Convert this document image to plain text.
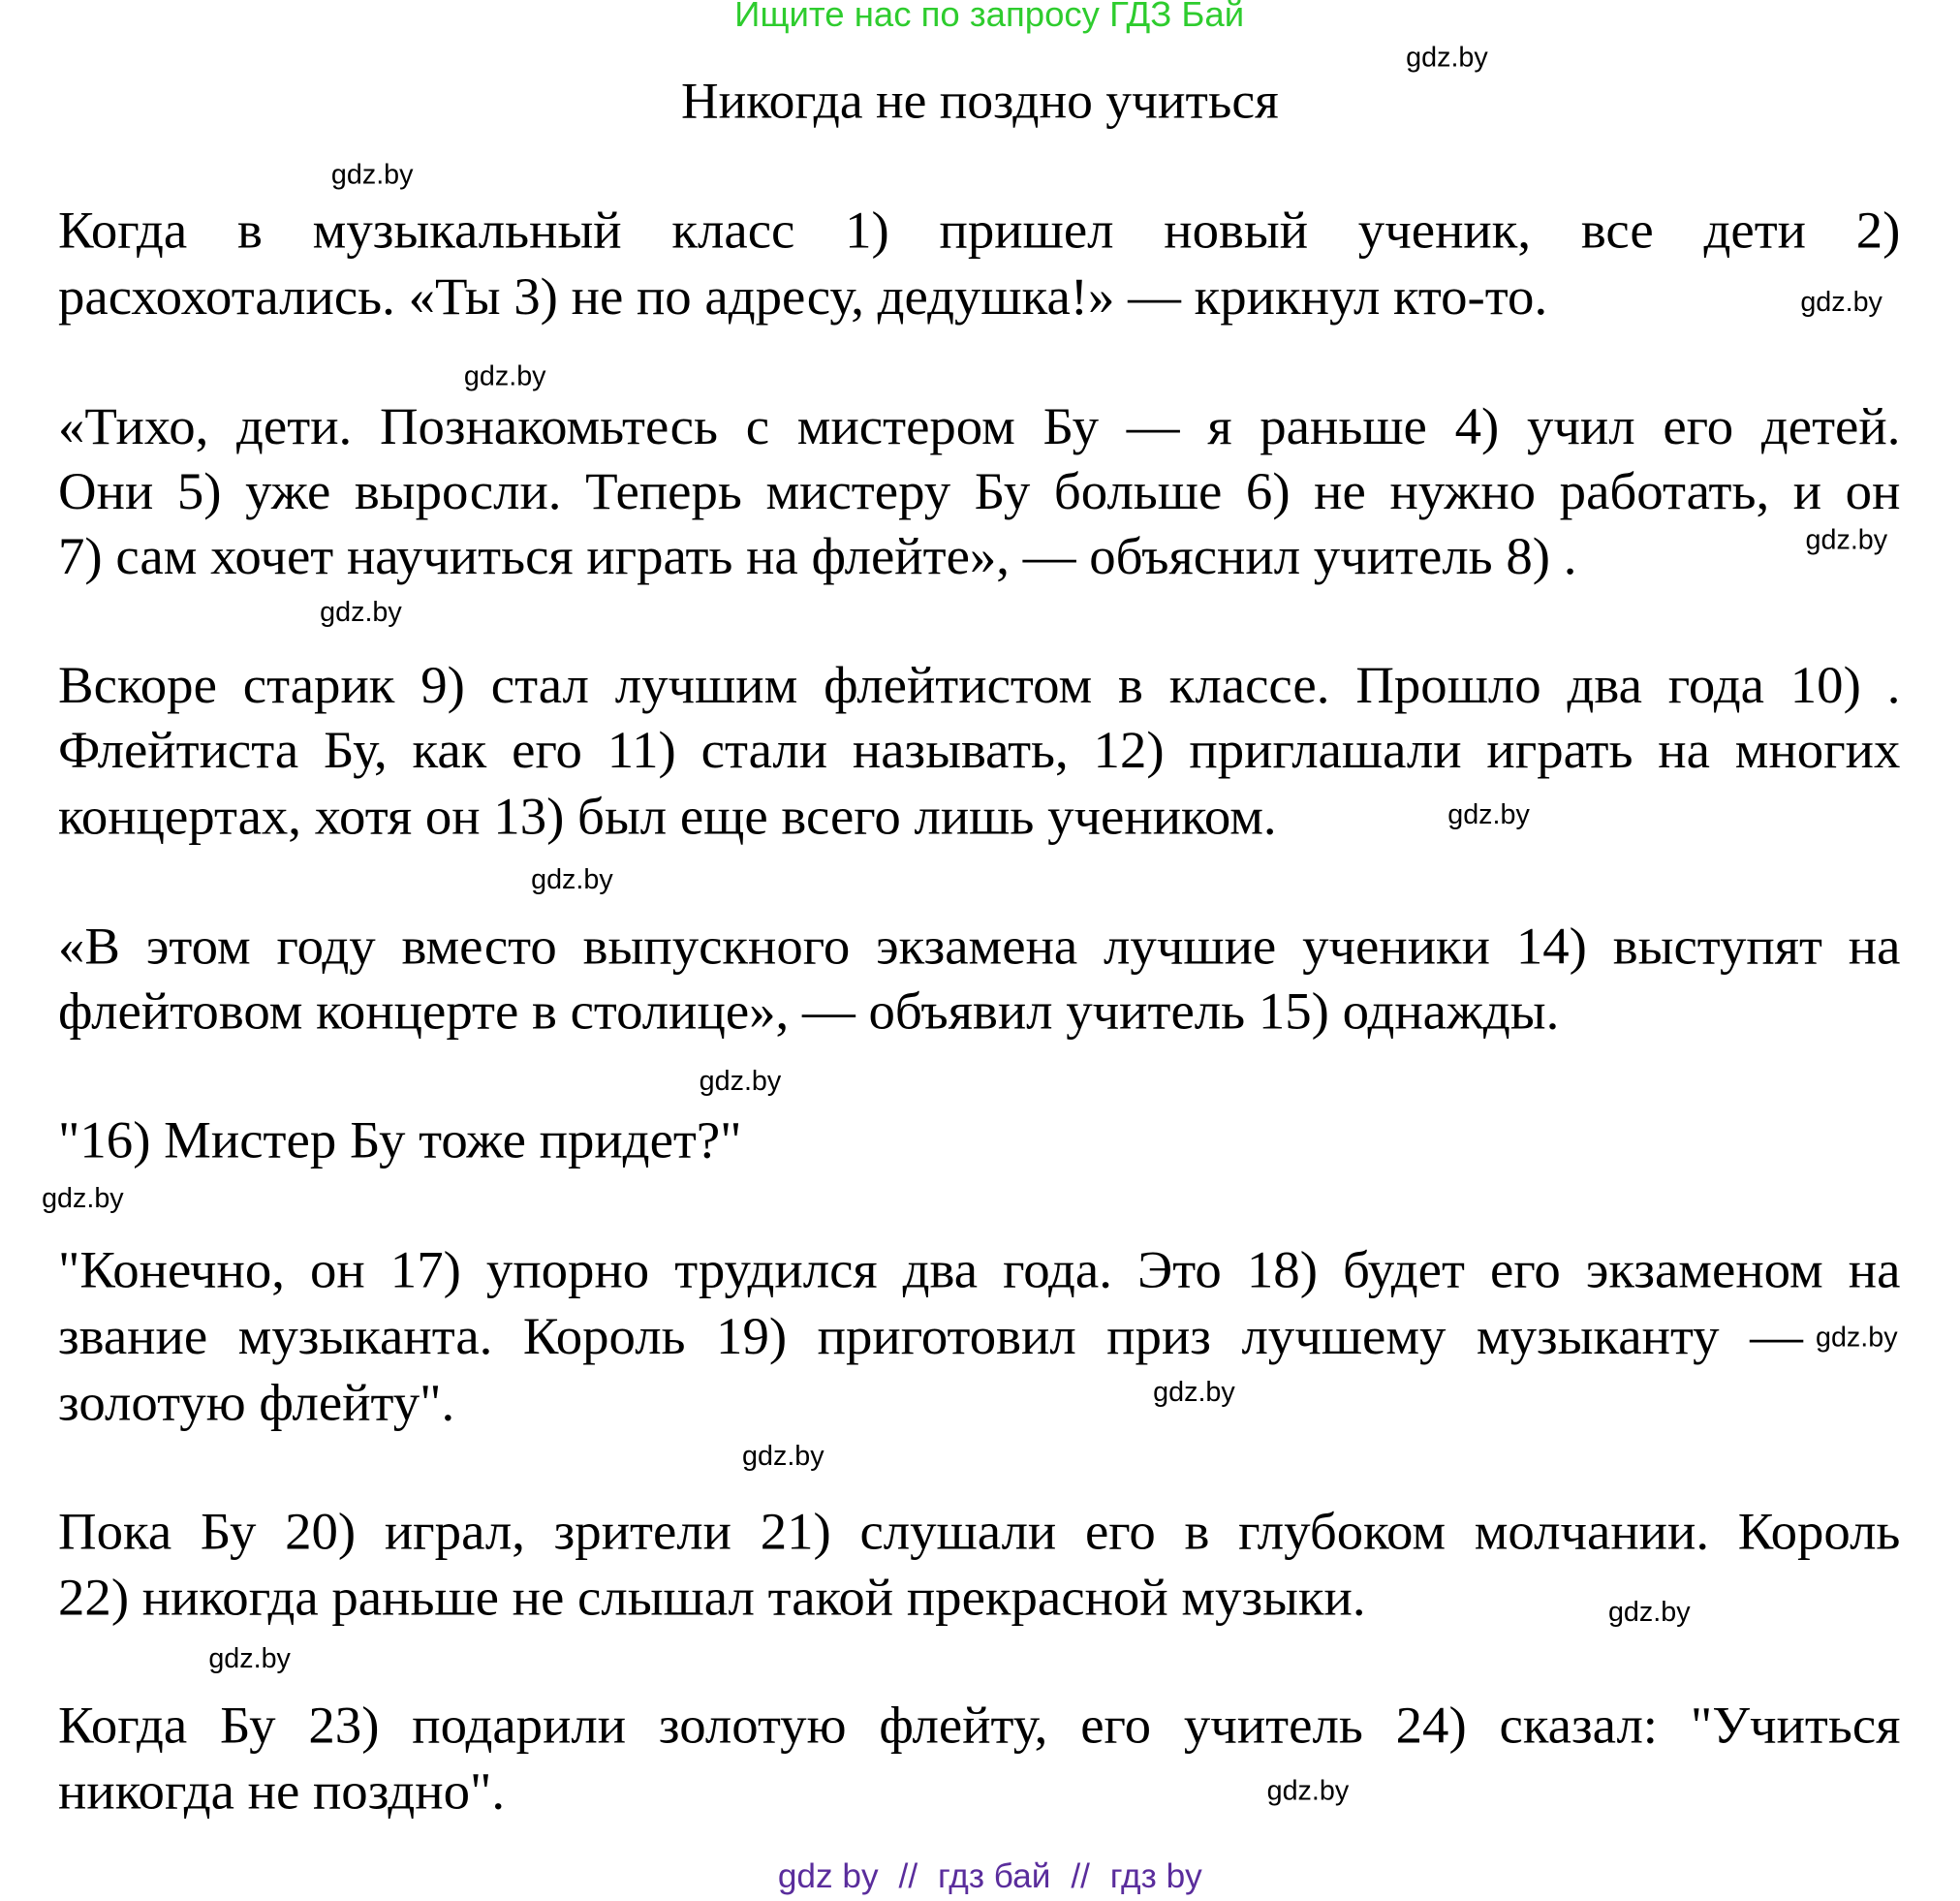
Ищите нас по запросу ГДЗ Бай
Никогда не поздно учиться
Когда в музыкальный класс 1) пришел новый ученик, все дети 2)
расхохотались. «Ты 3) не по адресу, дедушка!» — крикнул кто-то.
«Тихо, дети. Познакомьтесь с мистером Бу — я раньше 4) учил его детей.
Они 5) уже выросли. Теперь мистеру Бу больше 6) не нужно работать, и он
7) сам хочет научиться играть на флейте», — объяснил учитель 8) .
Вскоре старик 9) стал лучшим флейтистом в классе. Прошло два года 10) .
Флейтиста Бу, как его 11) стали называть, 12) приглашали играть на многих
концертах, хотя он 13) был еще всего лишь учеником.
«В этом году вместо выпускного экзамена лучшие ученики 14) выступят на
флейтовом концерте в столице», — объявил учитель 15) однажды.
"16) Мистер Бу тоже придет?"
"Конечно, он 17) упорно трудился два года. Это 18) будет его экзаменом на
звание музыканта. Король 19) приготовил приз лучшему музыканту —
золотую флейту".
Пока Бу 20) играл, зрители 21) слушали его в глубоком молчании. Король
22) никогда раньше не слышал такой прекрасной музыки.
Когда Бу 23) подарили золотую флейту, его учитель 24) сказал: "Учиться
никогда не поздно".
gdz.by
gdz.by
gdz.by
gdz.by
gdz.by
gdz.by
gdz.by
gdz.by
gdz.by
gdz.by
gdz.by
gdz.by
gdz.by
gdz.by
gdz.by
gdz.by
gdz by // гдз бай // гдз by
